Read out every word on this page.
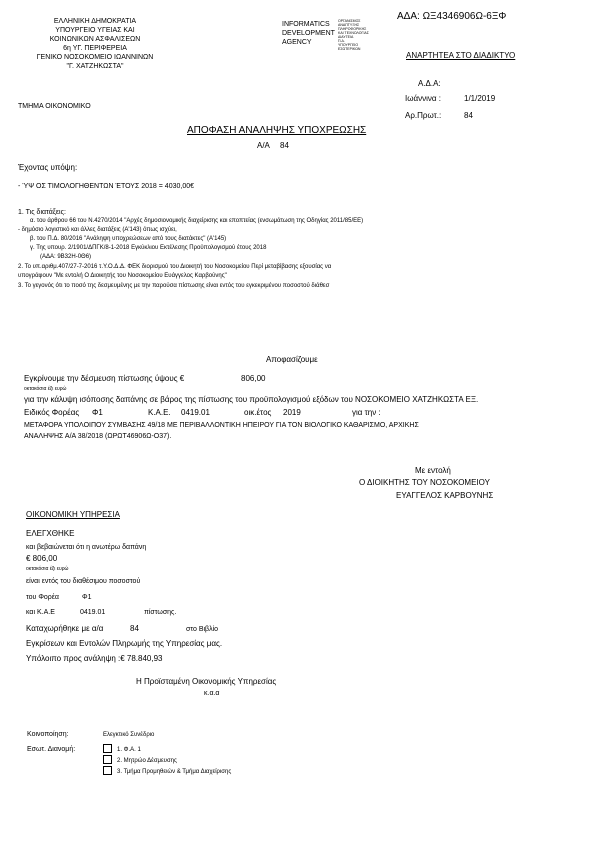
ΕΛΛΗΝΙΚΗ ΔΗΜΟΚΡΑΤΙΑ
ΥΠΟΥΡΓΕΙΟ ΥΓΕΙΑΣ ΚΑΙ
ΚΟΙΝΩΝΙΚΩΝ ΑΣΦΑΛΙΣΕΩΝ
6η ΥΓ. ΠΕΡΙΦΕΡΕΙΑ
ΓΕΝΙΚΟ ΝΟΣΟΚΟΜΕΙΟ ΙΩΑΝΝΙΝΩΝ
"Γ. ΧΑΤΖΗΚΩΣΤΑ"
ΤΜΗΜΑ ΟΙΚΟΝΟΜΙΚΟ
INFORMATICS
DEVELOPMENT
AGENCY
ΟΡΓΑΝΙΣΜΟΣ
ΑΝΑΠΤΥΞΗΣ
ΠΛΗΡΟΦΟΡΙΚΗΣ
ΚΑΙ ΤΕΧΝΟΛΟΓΙΑΣ
ΔΙΑΥΓΕΙΑ
Π.Δ.
ΥΠΟΥΡΓΕΙΟ
ΕΣΩΤΕΡΙΚΩΝ
ΑΔΑ: ΩΞ4346906Ω-6ΞΦ
ΑΝΑΡΤΗΤΕΑ ΣΤΟ ΔΙΑΔΙΚΤΥΟ
Α.Δ.Α:
Ιωάννινα :	1/1/2019
Αρ.Πρωτ.:	84
ΑΠΟΦΑΣΗ ΑΝΑΛΗΨΗΣ ΥΠΟΧΡΕΩΣΗΣ
Α/Α 84
Έχοντας υπόψη:
- ΎΨ ΟΣ ΤΙΜΟΛΟΓΗΘΕΝΤΩΝ ΈΤΟΥΣ 2018 = 4030,00€
1. Τις διατάξεις:
α. του άρθρου 66 του Ν.4270/2014 "Αρχές δημοσιονομικής διαχείρισης και εποπτείας (ενσωμάτωση της Οδηγίας 2011/85/ΕΕ)
- δημόσιο λογιστικό και άλλες διατάξεις (Α'143) όπως ισχύει,
β. του Π.Δ. 80/2016 "Ανάληψη υποχρεώσεων από τους διατάκτες" (Α'145)
γ. Της υπουρ. 2/1901/ΔΠΓΚ/8-1-2018 Εγκύκλιου Εκτέλεσης Προϋπολογισμού έτους 2018
(ΑΔΑ: 9Β32Η-0Θ6)
2. Το υπ.αριθμ.407/27-7-2016 τ.Υ.Ο.Δ.Δ. ΦΕΚ διορισμού του Διοικητή του Νοσοκομείου Περί μεταβίβασης εξουσίας να
υπογράφουν "Με εντολή Ο Διοικητής του Νοσοκομείου Ευάγγελος Καρβούνης"
3. Το γεγονός ότι το ποσό της δεσμευμένης με την παρούσα πίστωσης είναι εντός του εγκεκριμένου ποσοστού διάθεσ
Αποφασίζουμε
Εγκρίνουμε την δέσμευση πίστωσης ύψους €	806,00
οκτακόσια έξι ευρώ
για την κάλυψη ισόποσης δαπάνης σε βάρος της πίστωσης του προϋπολογισμού εξόδων του ΝΟΣΟΚΟΜΕΙΟ ΧΑΤΖΗΚΩΣΤΑ ΕΞ.
Ειδικός Φορέας Φ1	Κ.Α.Ε. 0419.01	οικ.έτος 2019	για την :
ΜΕΤΑΦΟΡΑ ΥΠΟΛΟΙΠΟΥ ΣΥΜΒΑΣΗΣ 49/18 ΜΕ ΠΕΡΙΒΑΛΛΟΝΤΙΚΗ ΗΠΕΙΡΟΥ ΓΙΑ ΤΟΝ ΒΙΟΛΟΓΙΚΟ ΚΑΘΑΡΙΣΜΟ, ΑΡΧΙΚΗΣ
ΑΝΑΛΗΨΗΣ Α/Α 38/2018 (ΩΡΩΤ46906Ω-Ο37).
Με εντολή
Ο ΔΙΟΙΚΗΤΗΣ ΤΟΥ ΝΟΣΟΚΟΜΕΙΟΥ
ΕΥΑΓΓΕΛΟΣ ΚΑΡΒΟΥΝΗΣ
ΟΙΚΟΝΟΜΙΚΗ ΥΠΗΡΕΣΙΑ
ΕΛΕΓΧΘΗΚΕ
και βεβαιώνεται ότι η ανωτέρω δαπάνη
€ 806,00
οκτακόσια έξι ευρώ
είναι εντός του διαθέσιμου ποσοστού
του Φορέα	Φ1
και Κ.Α.Ε	0419.01	πίστωσης.
Καταχωρήθηκε με α/α	84	στο Βιβλίο
Εγκρίσεων και Εντολών Πληρωμής της Υπηρεσίας μας.
Υπόλοιπο προς ανάληψη :€ 78.840,93
Η Προϊσταμένη Οικονομικής Υπηρεσίας
κ.α.α
Κοινοποίηση:	Ελεγκτικό Συνέδριο
Εσωτ. Διανομή:	1. Φ.Α. 1
2. Μητρώο Δέσμευσης
3. Τμήμα Προμηθειών & Τμήμα Διαχείρισης
